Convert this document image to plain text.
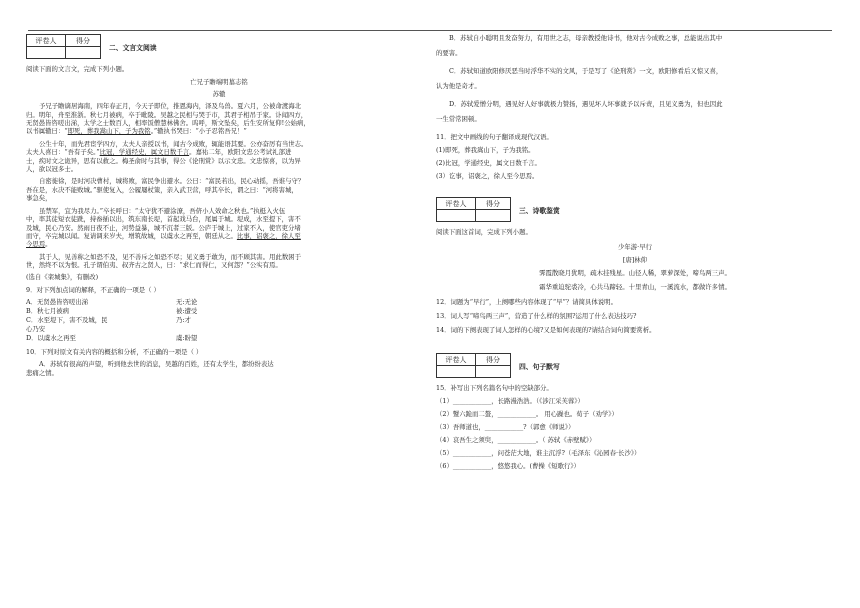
评卷人	得分

二、文言文阅读

阅读下面的文言文，完成下列小题。

亡兄子瞻端明墓志铭

苏辙

予兄子瞻谪居海南，四年春正月，今天子即位，推恩海内，泽及鸟兽。夏六月，公被命渡海北

归。明年，舟至淮浙。秋七月被病，卒于毗陵。吴越之民相与哭于市，其君子相吊于家。讣闻四方，

无贤愚皆咨嗟出涕，太学之士数百人，相率饭僧慧林佛舍。呜呼，斯文坠矣，后生安所复仰!公始病，

以书属辙曰：“即死，葬我嵩山下，子为我铭。”辙执书哭曰：“小子忍铭吾兄！”

公生十年，而先君宦学四方，太夫人亲授以书，闻古今成败，辄能语其要。公亦奋厉有当世志。

太夫人喜曰：“吾有子矣。”比冠，学通经史，属文日数千言。嘉祐二年，欧阳文忠公考试礼部进

士，疾时文之诡异，思有以救之。梅圣俞时与其事，得公《论刑赏》以示文忠。文忠惊喜，以为异

人，欲以冠多士。

自密徙徐，是时河决曹村，城将败，富民争出避水。公曰：“富民若出，民心动摇，吾谁与守？

吾在是，水决不能败城。”驱使复入，公履屦杖策，亲入武卫营，呼其卒长，谓之曰：“河将害城，

事急矣，

虽禁军，宜为我尽力。”卒长呼曰：“太守犹不避涂潦，吾侪小人效命之秋也。”执梃入火伍

中，率其徒短衣徒跣，持畚插以出，筑东南长堤，首起戏马台，尾属于城。堤成，水至提下，害不

及城，民心乃安。然雨日夜不止，河势益暴，城不沉者三版。公庐于城上，过家不入，使官吏分堵

而守，卒完城以闻。复请调来岁夫，增筑故城，以虞水之再至，朝廷从之。比事，诏褒之，徐人至

今思焉。

其于人，见善称之如恐不及，见不善斥之如恐不尽；见义勇于敢为，而不顾其害。用此数困于

世，然终不以为恨。孔子谓伯夷、叔齐古之贤人，曰：“求仁而得仁，又何怨？”公实有焉。

(选自《栾城集》，有删改)

9．对下列加点词的解释，不正确的一项是（ ）

A．无贤愚皆咨嗟出涕	无:无论
B．秋七月被病	被:遭受
C．水至堤下，害不及城，民心乃安
乃:才
D．以虞水之再至	虞:盼望

10．下列对原文有关内容的概括和分析，不正确的一项是（ ）

A．苏轼有很高的声望，听到他去世的消息，吴越的百姓，还有太学生，都纷纷表达

悲痛之情。

B．苏轼自小聪明且发奋努力，有用世之志，母亲教授他诗书，他对古今成败之事，总能说出其中

的要害。

C．苏轼知道欧阳修厌恶当时浮华不实的文风，于是写了《论刑赏》一文，欧阳修看后又惊又喜，

认为他是奇才。

D．苏轼爱憎分明，遇见好人好事就极力赞扬，遇见坏人坏事就予以斥责，且见义勇为，但也因此

一生常常困顿。

11．把文中画线的句子翻译成现代汉语。

(1)即死，葬我嵩山下，子为我铭。

(2)比冠，学通经史，属文日数千言。

(3）讫事，诏褒之，徐人至今思焉。

评卷人	得分

三、诗歌鉴赏

阅读下面这首词，完成下列小题。

少年游·早行

[唐]林仰

霁霞散晓月犹明，疏木挂残星。山径人稀，翠萝深处，啼鸟两三声。

霜华重迫驼裘冷，心共马蹄轻。十里青山，一溪流水，都做许多情。

12．词题为“早行”，上阕哪些内容体现了“早”？请简具体说明。

13．词人写“啼鸟两三声”，营造了什么样的氛围?运用了什么表达技巧?

14．词的下阕表现了词人怎样的心境?又是如何表现的?请结合词句简要赏析。

评卷人	得分

四、句子默写

15．补写出下列名篇名句中的空缺部分。

（1）____________，长路漫浩浩。（《涉江采芙蓉》）

（2）蟹六跪而二螯，____________。 用心躁也。荀子（劝学》）

（3）吾师道也，____________?（郭愈《师说》）

（4）哀吾生之须臾，____________。（ 苏轼《赤壁赋》）

（5）____________，问苍茫大地，谁主沉浮?（毛泽东《沁园春·长沙》）

（6）____________，悠悠我心。(曹操《短歌行》）
